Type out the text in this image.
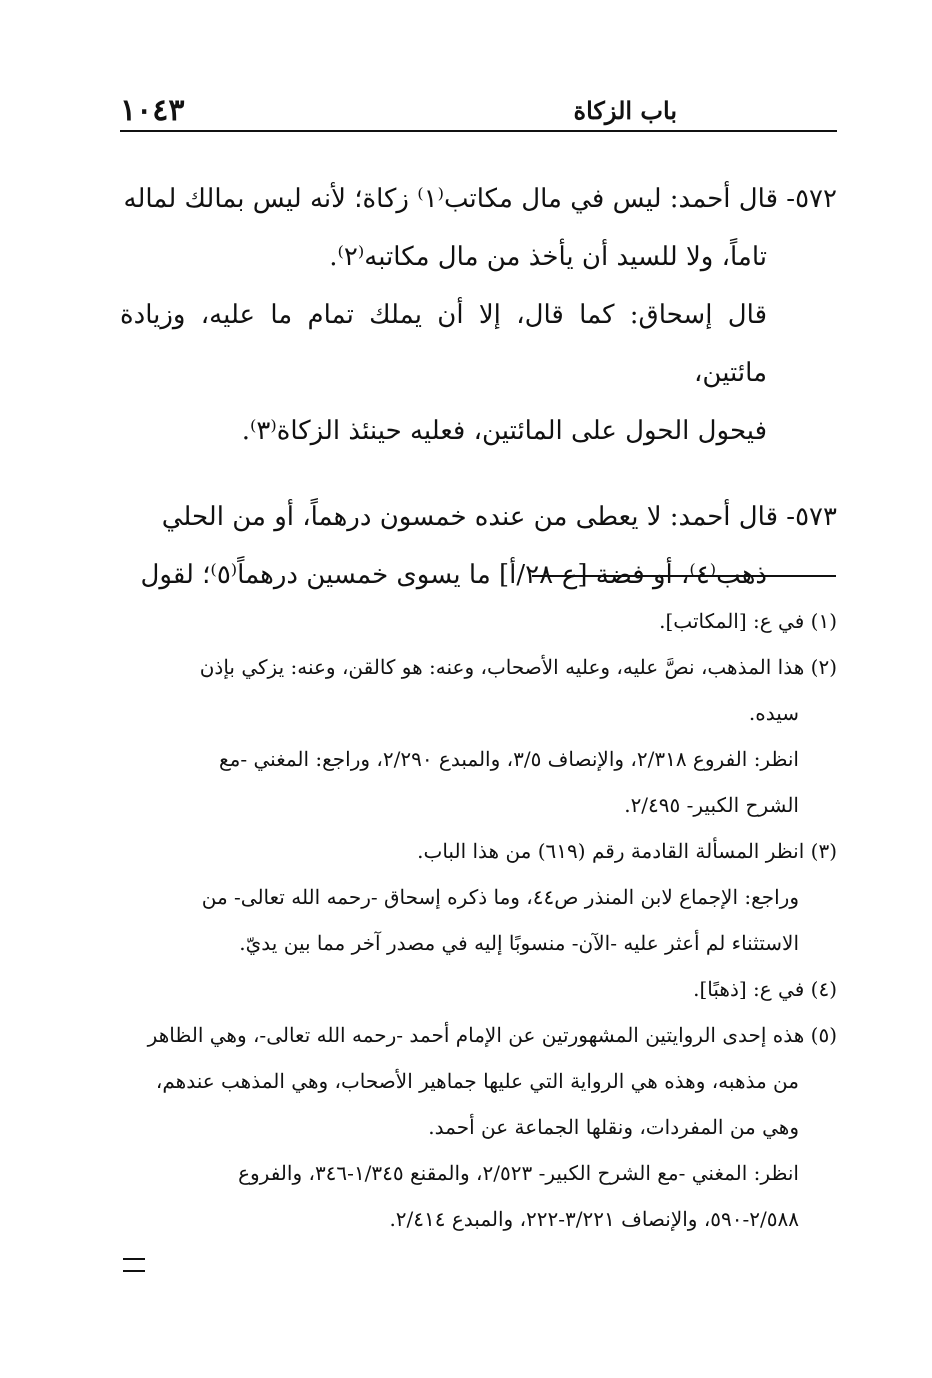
١٠٤٣	باب الزكاة
٥٧٢- قال أحمد: ليس في مال مكاتب⁽١⁾ زكاة؛ لأنه ليس بمالك لماله
تاماً، ولا للسيد أن يأخذ من مال مكاتبه⁽٢⁾.
قال إسحاق: كما قال، إلا أن يملك تمام ما عليه، وزيادة مائتين،
فيحول الحول على المائتين، فعليه حينئذ الزكاة⁽٣⁾.
٥٧٣- قال أحمد: لا يعطى من عنده خمسون درهماً، أو من الحلي
ذهب⁽٤⁾، أو فضة [ع-٢٨/أ] ما يسوى خمسين درهماً⁽٥⁾؛ لقول
(١) في ع: [المكاتب].
(٢) هذا المذهب، نصَّ عليه، وعليه الأصحاب، وعنه: هو كالقن، وعنه: يزكي بإذن
سيده.
انظر: الفروع ٢/٣١٨، والإنصاف ٣/٥، والمبدع ٢/٢٩٠، وراجع: المغني -مع
الشرح الكبير- ٢/٤٩٥.
(٣) انظر المسألة القادمة رقم (٦١٩) من هذا الباب.
وراجع: الإجماع لابن المنذر ص٤٤، وما ذكره إسحاق -رحمه الله تعالى- من
الاستثناء لم أعثر عليه -الآن- منسوبًا إليه في مصدر آخر مما بين يديّ.
(٤) في ع: [ذهبًا].
(٥) هذه إحدى الروايتين المشهورتين عن الإمام أحمد -رحمه الله تعالى-، وهي الظاهر
من مذهبه، وهذه هي الرواية التي عليها جماهير الأصحاب، وهي المذهب عندهم،
وهي من المفردات، ونقلها الجماعة عن أحمد.
انظر: المغني -مع الشرح الكبير- ٢/٥٢٣، والمقنع ١/٣٤٥-٣٤٦، والفروع
٢/٥٨٨-٥٩٠، والإنصاف ٣/٢٢١-٢٢٢، والمبدع ٢/٤١٤.
